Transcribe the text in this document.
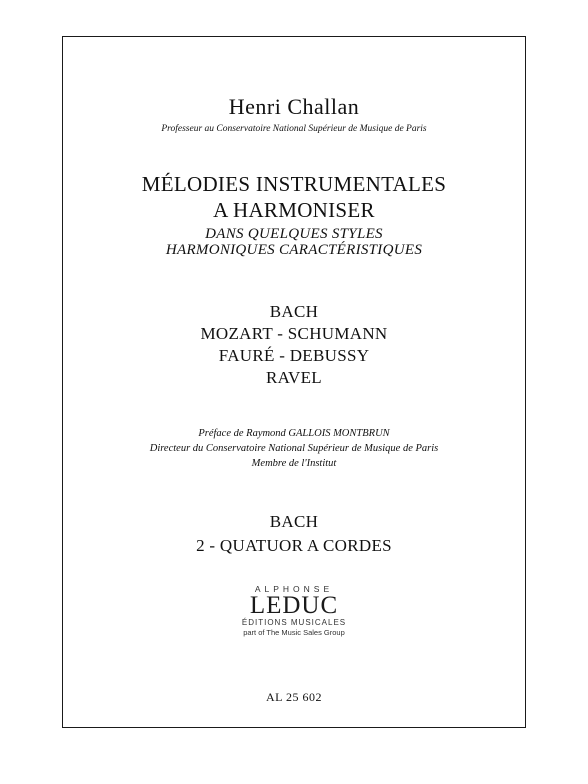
Henri Challan
Professeur au Conservatoire National Supérieur de Musique de Paris
MÉLODIES INSTRUMENTALES
A HARMONISER
DANS QUELQUES STYLES
HARMONIQUES CARACTÉRISTIQUES
BACH
MOZART - SCHUMANN
FAURÉ - DEBUSSY
RAVEL
Préface de Raymond GALLOIS MONTBRUN
Directeur du Conservatoire National Supérieur de Musique de Paris
Membre de l'Institut
BACH
2 - QUATUOR A CORDES
ALPHONSE
LEDUC
ÉDITIONS MUSICALES
part of The Music Sales Group
AL 25 602
